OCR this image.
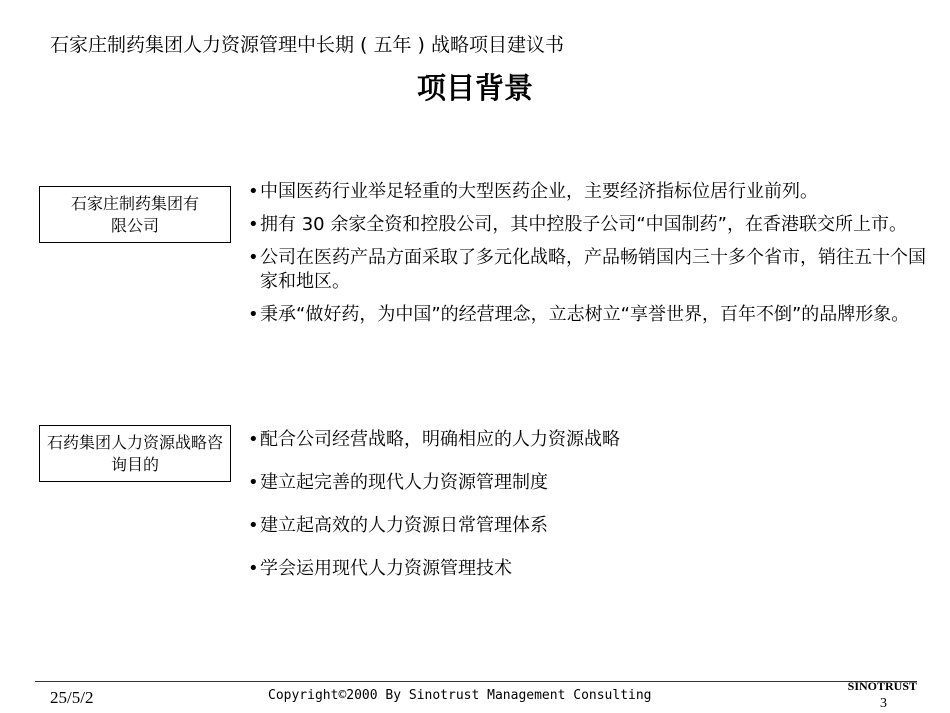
石家庄制药集团人力资源管理中长期 ( 五年 ) 战略项目建议书
项目背景
石家庄制药集团有限公司
• 中国医药行业举足轻重的大型医药企业，主要经济指标位居行业前列。
• 拥有 30 余家全资和控股公司，其中控股子公司“中国制药”，在香港联交所上市。
• 公司在医药产品方面采取了多元化战略，产品畅销国内三十多个省市，销往五十个国家和地区。
• 秉承“做好药，为中国”的经营理念，立志树立“享誉世界，百年不倒”的品牌形象。
石药集团人力资源战略咨询目的
• 配合公司经营战略，明确相应的人力资源战略
• 建立起完善的现代人力资源管理制度
• 建立起高效的人力资源日常管理体系
• 学会运用现代人力资源管理技术
25/5/2	Copyright©2000 By Sinotrust Management Consulting
SINOTRUST
3
